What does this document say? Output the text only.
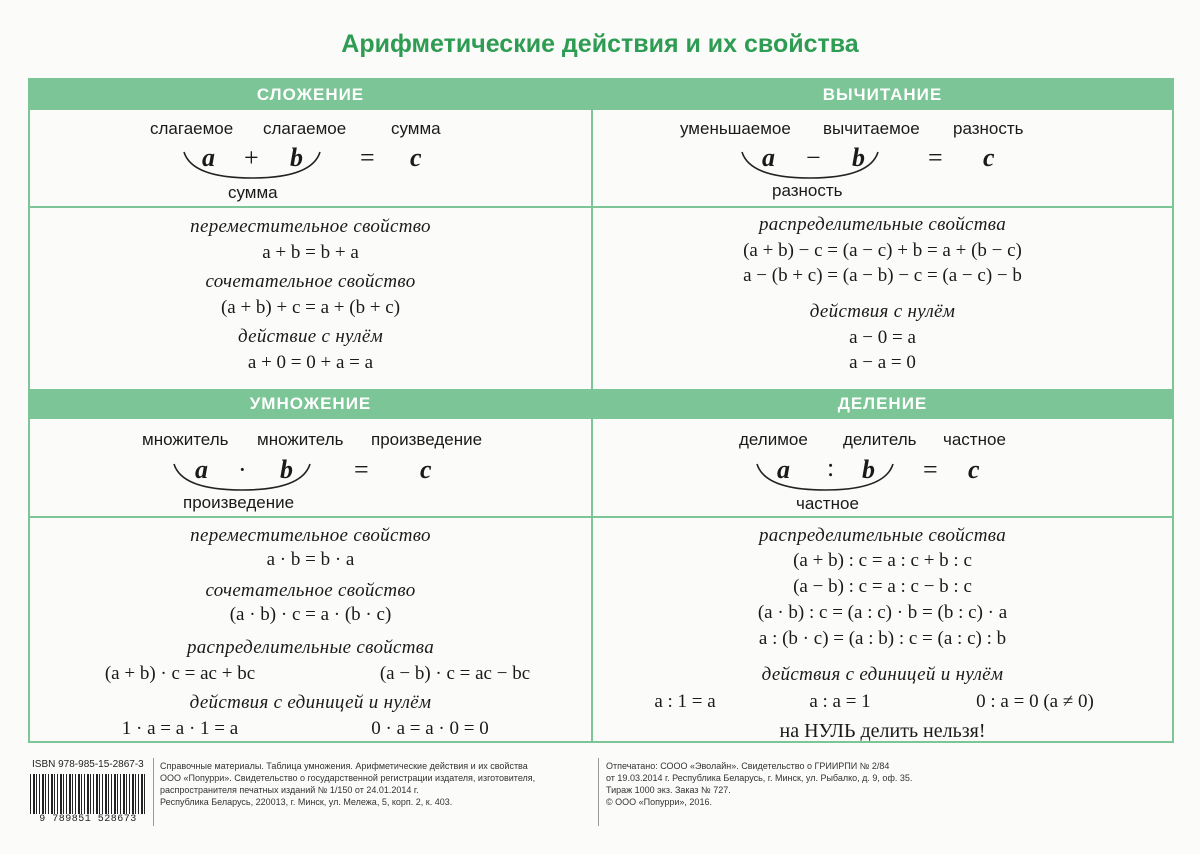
Арифметические действия и их свойства
СЛОЖЕНИЕ
слагаемое слагаемое	сумма
a + b = c
сумма
переместительное свойство
a + b = b + a
сочетательное свойство
(a + b) + c = a + (b + c)
действие с нулём
a + 0 = 0 + a = a
ВЫЧИТАНИЕ
уменьшаемое вычитаемое разность
a − b = c
разность
распределительные свойства
(a + b) − c = (a − c) + b = a + (b − c)
a − (b + c) = (a − b) − c = (a − c) − b
действия с нулём
a − 0 = a
a − a = 0
УМНОЖЕНИЕ
множитель множитель произведение
a · b = c
произведение
переместительное свойство
a · b = b · a
сочетательное свойство
(a · b) · c = a · (b · c)
распределительные свойства
(a + b) · c = ac + bc	(a − b) · c = ac − bc
действия с единицей и нулём
1 · a = a · 1 = a	0 · a = a · 0 = 0
ДЕЛЕНИЕ
делимое делитель частное
a : b = c
частное
распределительные свойства
(a + b) : c = a : c + b : c
(a − b) : c = a : c − b : c
(a · b) : c = (a : c) · b = (b : c) · a
a : (b · c) = (a : b) : c = (a : c) : b
действия с единицей и нулём
a : 1 = a	a : a = 1	0 : a = 0 (a ≠ 0)
на НУЛЬ делить нельзя!
ISBN 978-985-15-2867-3
9 789851 528673
Справочные материалы. Таблица умножения. Арифметические действия и их свойства
ООО «Попурри». Свидетельство о государственной регистрации издателя, изготовителя,
распространителя печатных изданий № 1/150 от 24.01.2014 г.
Республика Беларусь, 220013, г. Минск, ул. Мележа, 5, корп. 2, к. 403.
Отпечатано: СООО «Эволайн». Свидетельство о ГРИИРПИ № 2/84
от 19.03.2014 г. Республика Беларусь, г. Минск, ул. Рыбалко, д. 9, оф. 35.
Тираж 1000 экз. Заказ № 727.
© ООО «Попурри», 2016.
